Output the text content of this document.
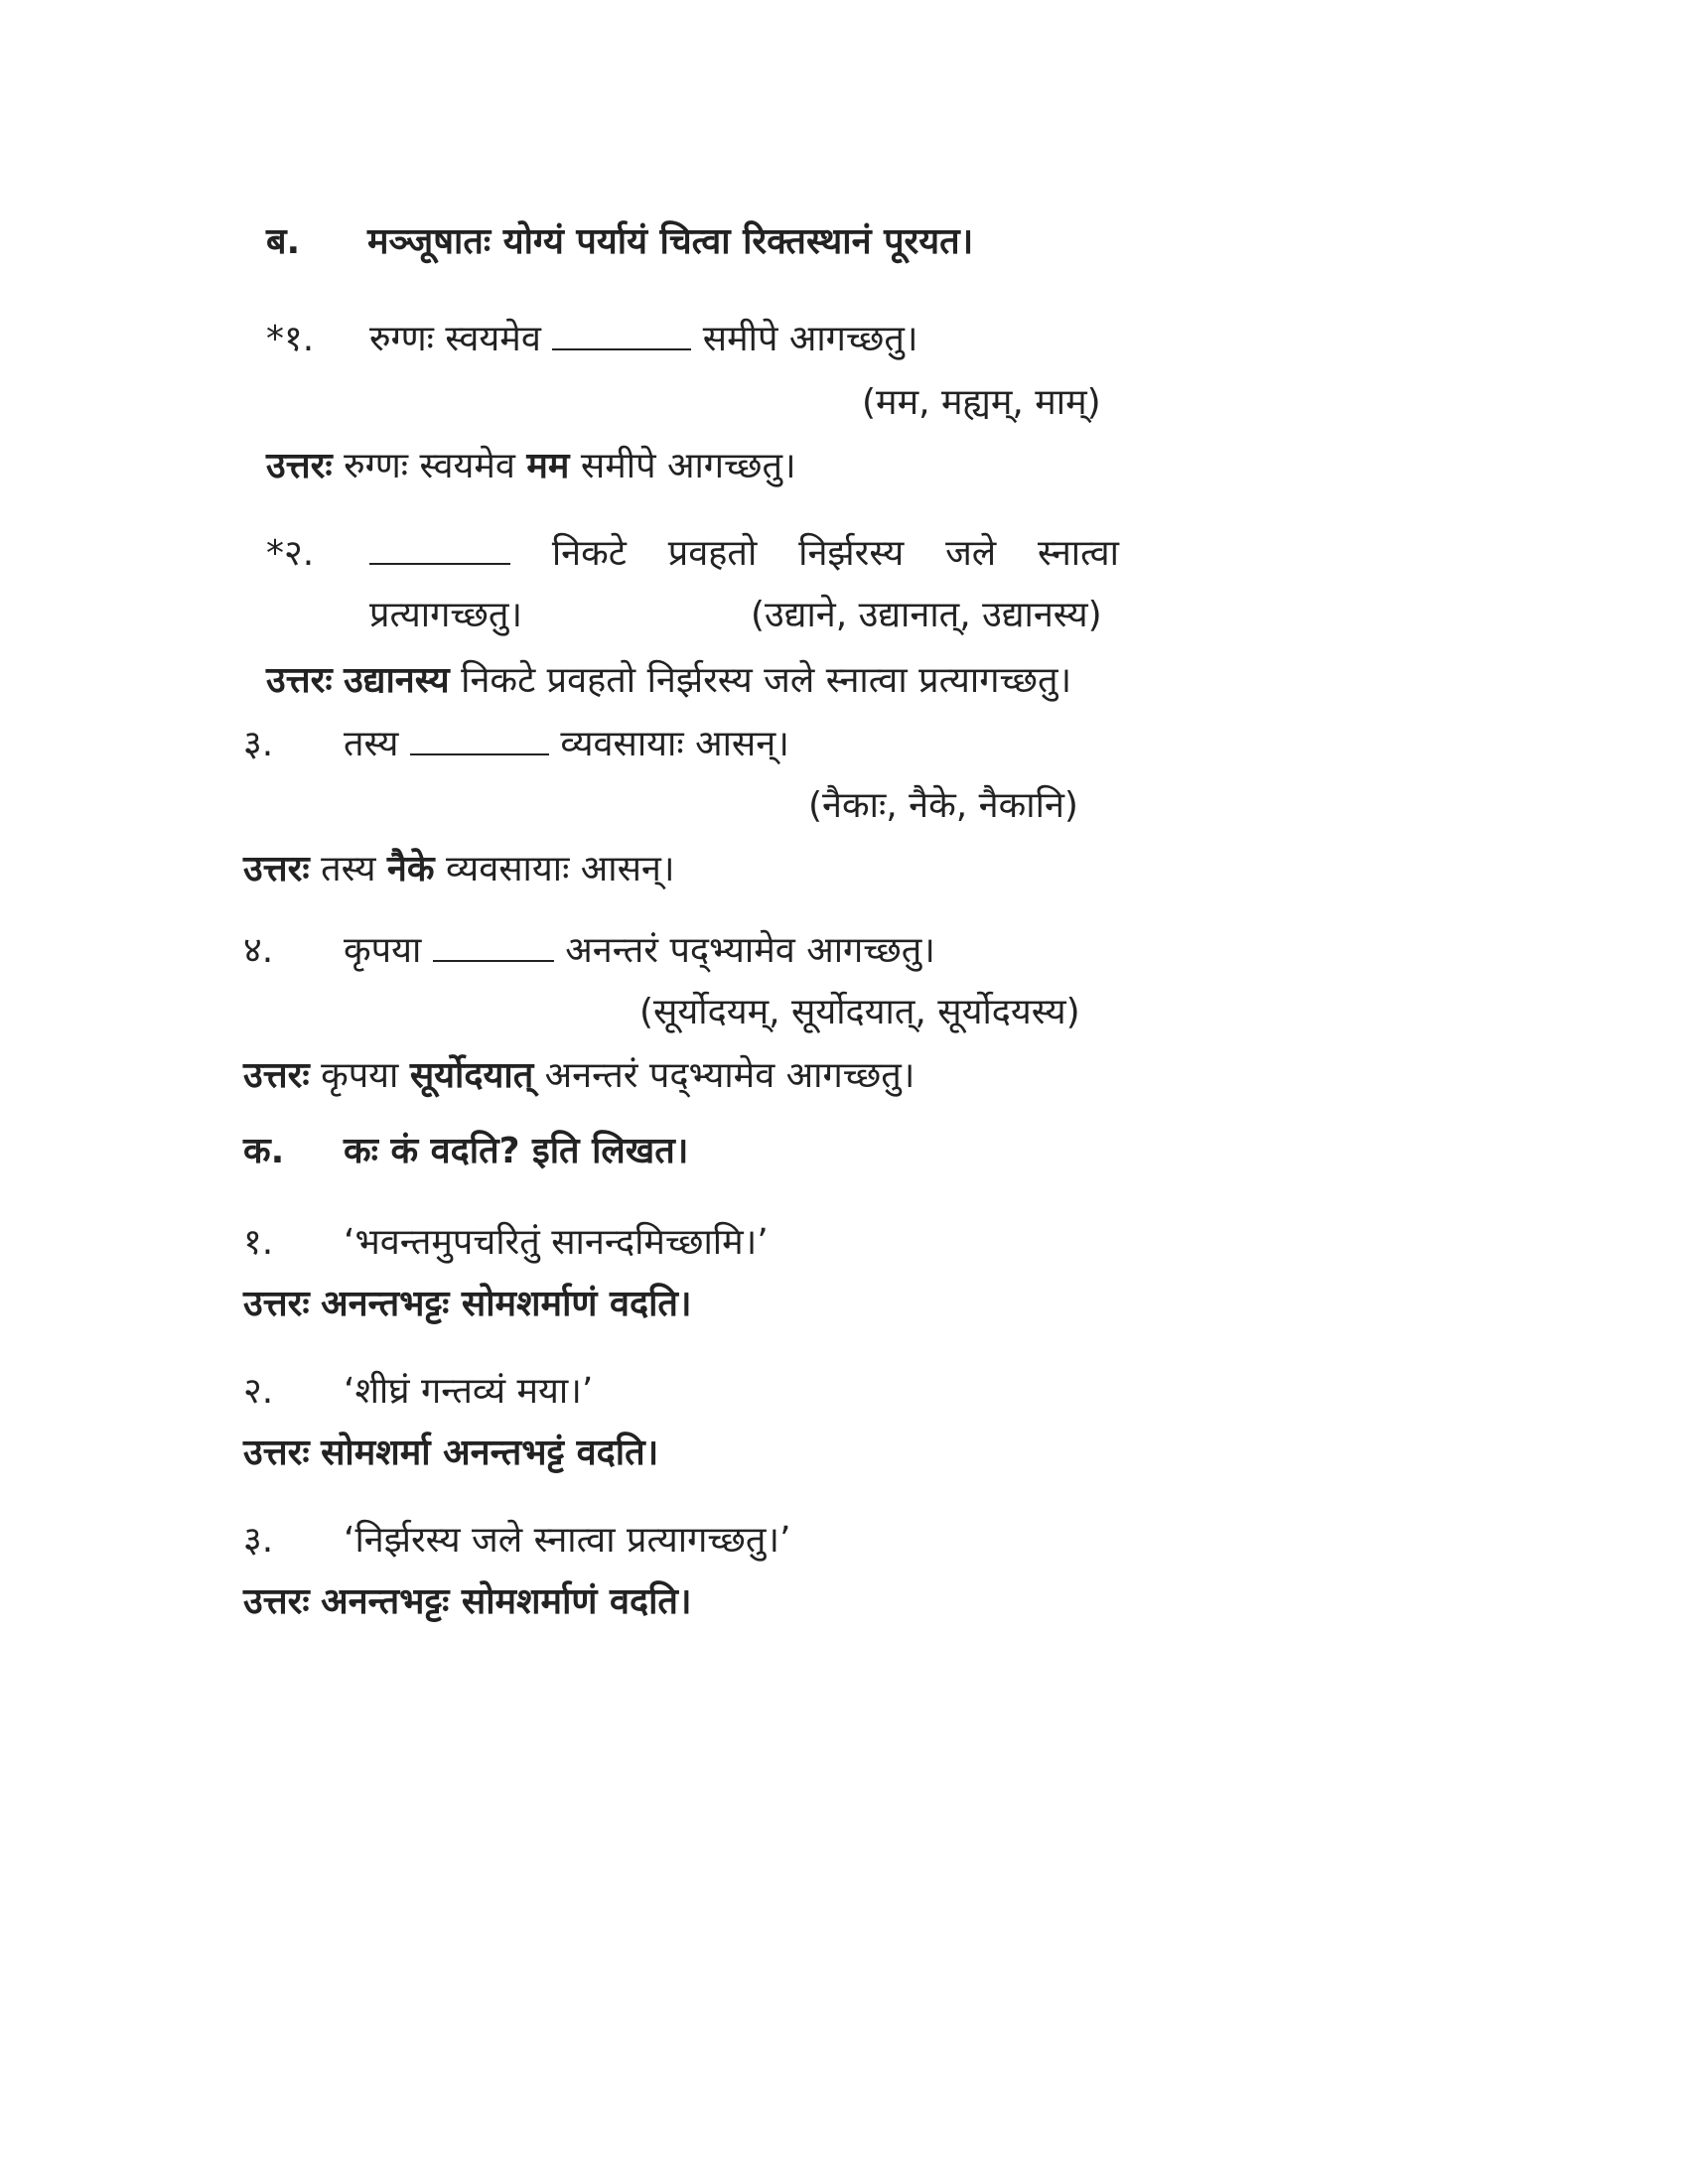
ब. मञ्जूषातः योग्यं पर्यायं चित्वा रिक्तस्थानं पूरयत।
*१. रुग्णः स्वयमेव	समीपे आगच्छतु।
(मम, मह्यम्, माम्)
उत्तरः रुग्णः स्वयमेव मम समीपे आगच्छतु।
*२.	निकटे प्रवहतो निर्झरस्य जले स्नात्वा
प्रत्यागच्छतु।	(उद्याने, उद्यानात्, उद्यानस्य)
उत्तरः उद्यानस्य निकटे प्रवहतो निर्झरस्य जले स्नात्वा प्रत्यागच्छतु।
३. तस्य	व्यवसायाः आसन्।
(नैकाः, नैके, नैकानि)
उत्तरः तस्य नैके व्यवसायाः आसन्।
४. कृपया	अनन्तरं पद्भ्यामेव आगच्छतु।
(सूर्योदयम्, सूर्योदयात्, सूर्योदयस्य)
उत्तरः कृपया सूर्योदयात् अनन्तरं पद्भ्यामेव आगच्छतु।
क. कः कं वदति? इति लिखत।
१. ‘भवन्तमुपचरितुं सानन्दमिच्छामि।’
उत्तरः अनन्तभट्टः सोमशर्माणं वदति।
२. ‘शीघ्रं गन्तव्यं मया।’
उत्तरः सोमशर्मा अनन्तभट्टं वदति।
३. ‘निर्झरस्य जले स्नात्वा प्रत्यागच्छतु।’
उत्तरः अनन्तभट्टः सोमशर्माणं वदति।
